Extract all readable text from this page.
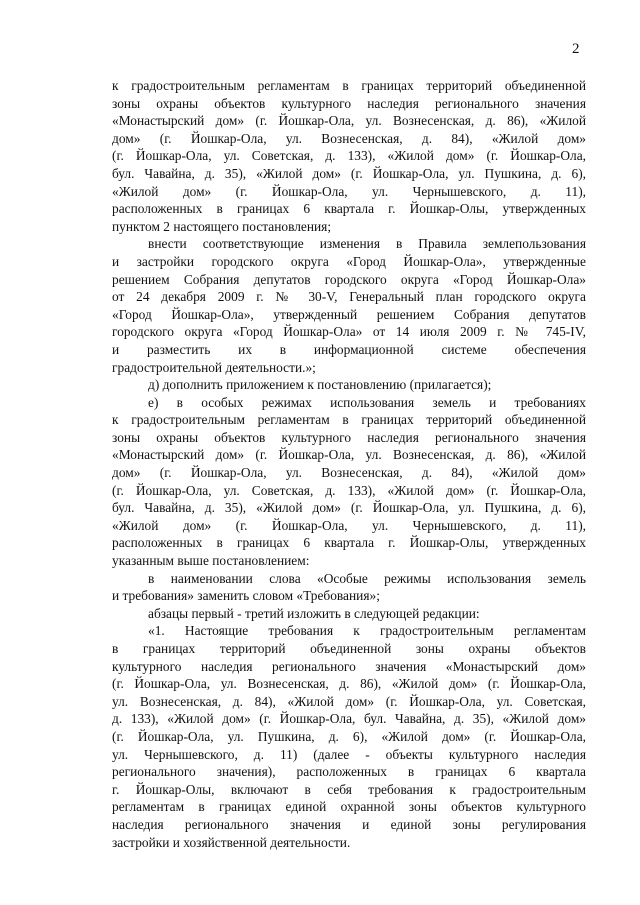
2
к градостроительным регламентам в границах территорий объединенной
зоны охраны объектов культурного наследия регионального значения
«Монастырский дом» (г. Йошкар-Ола, ул. Вознесенская, д. 86), «Жилой
дом» (г. Йошкар-Ола, ул. Вознесенская, д. 84), «Жилой дом»
(г. Йошкар-Ола, ул. Советская, д. 133), «Жилой дом» (г. Йошкар-Ола,
бул. Чавайна, д. 35), «Жилой дом» (г. Йошкар-Ола, ул. Пушкина, д. 6),
«Жилой дом» (г. Йошкар-Ола, ул. Чернышевского, д. 11),
расположенных в границах 6 квартала г. Йошкар-Олы, утвержденных
пунктом 2 настоящего постановления;
внести соответствующие изменения в Правила землепользования
и застройки городского округа «Город Йошкар-Ола», утвержденные
решением Собрания депутатов городского округа «Город Йошкар-Ола»
от 24 декабря 2009 г. № 30-V, Генеральный план городского округа
«Город Йошкар-Ола», утвержденный решением Собрания депутатов
городского округа «Город Йошкар-Ола» от 14 июля 2009 г. № 745-IV,
и разместить их в информационной системе обеспечения
градостроительной деятельности.»;
д) дополнить приложением к постановлению (прилагается);
е) в особых режимах использования земель и требованиях
к градостроительным регламентам в границах территорий объединенной
зоны охраны объектов культурного наследия регионального значения
«Монастырский дом» (г. Йошкар-Ола, ул. Вознесенская, д. 86), «Жилой
дом» (г. Йошкар-Ола, ул. Вознесенская, д. 84), «Жилой дом»
(г. Йошкар-Ола, ул. Советская, д. 133), «Жилой дом» (г. Йошкар-Ола,
бул. Чавайна, д. 35), «Жилой дом» (г. Йошкар-Ола, ул. Пушкина, д. 6),
«Жилой дом» (г. Йошкар-Ола, ул. Чернышевского, д. 11),
расположенных в границах 6 квартала г. Йошкар-Олы, утвержденных
указанным выше постановлением:
в наименовании слова «Особые режимы использования земель
и требования» заменить словом «Требования»;
абзацы первый - третий изложить в следующей редакции:
«1. Настоящие требования к градостроительным регламентам
в границах территорий объединенной зоны охраны объектов
культурного наследия регионального значения «Монастырский дом»
(г. Йошкар-Ола, ул. Вознесенская, д. 86), «Жилой дом» (г. Йошкар-Ола,
ул. Вознесенская, д. 84), «Жилой дом» (г. Йошкар-Ола, ул. Советская,
д. 133), «Жилой дом» (г. Йошкар-Ола, бул. Чавайна, д. 35), «Жилой дом»
(г. Йошкар-Ола, ул. Пушкина, д. 6), «Жилой дом» (г. Йошкар-Ола,
ул. Чернышевского, д. 11) (далее - объекты культурного наследия
регионального значения), расположенных в границах 6 квартала
г. Йошкар-Олы, включают в себя требования к градостроительным
регламентам в границах единой охранной зоны объектов культурного
наследия регионального значения и единой зоны регулирования
застройки и хозяйственной деятельности.
